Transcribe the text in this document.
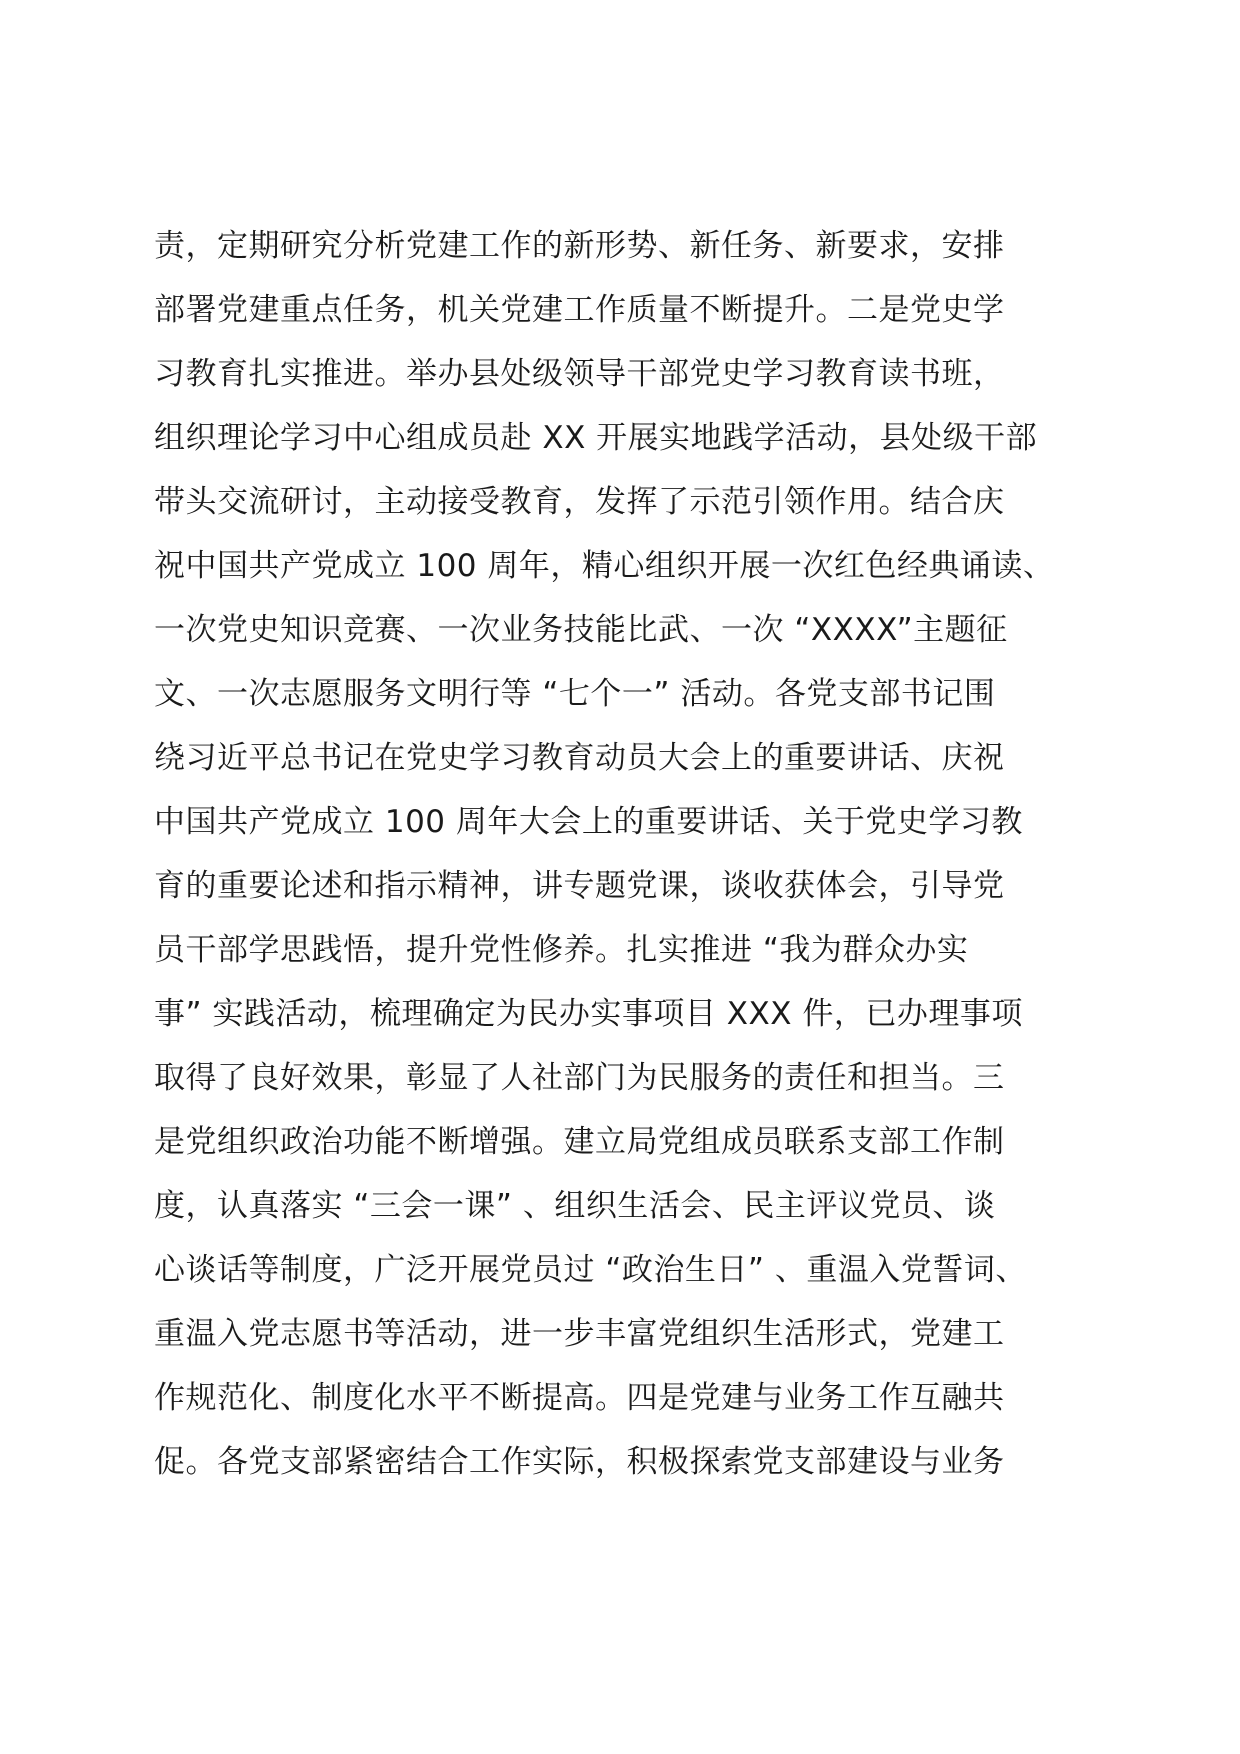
责，定期研究分析党建工作的新形势、新任务、新要求，安排
部署党建重点任务，机关党建工作质量不断提升。二是党史学
习教育扎实推进。举办县处级领导干部党史学习教育读书班，
组织理论学习中心组成员赴 XX 开展实地践学活动，县处级干部
带头交流研讨，主动接受教育，发挥了示范引领作用。结合庆
祝中国共产党成立 100 周年，精心组织开展一次红色经典诵读、
一次党史知识竞赛、一次业务技能比武、一次 “XXXX”主题征
文、一次志愿服务文明行等 “七个一” 活动。各党支部书记围
绕习近平总书记在党史学习教育动员大会上的重要讲话、庆祝
中国共产党成立 100 周年大会上的重要讲话、关于党史学习教
育的重要论述和指示精神，讲专题党课，谈收获体会，引导党
员干部学思践悟，提升党性修养。扎实推进 “我为群众办实
事” 实践活动，梳理确定为民办实事项目 XXX 件，已办理事项
取得了良好效果，彰显了人社部门为民服务的责任和担当。三
是党组织政治功能不断增强。建立局党组成员联系支部工作制
度，认真落实 “三会一课” 、组织生活会、民主评议党员、谈
心谈话等制度，广泛开展党员过 “政治生日” 、重温入党誓词、
重温入党志愿书等活动，进一步丰富党组织生活形式，党建工
作规范化、制度化水平不断提高。四是党建与业务工作互融共
促。各党支部紧密结合工作实际，积极探索党支部建设与业务
